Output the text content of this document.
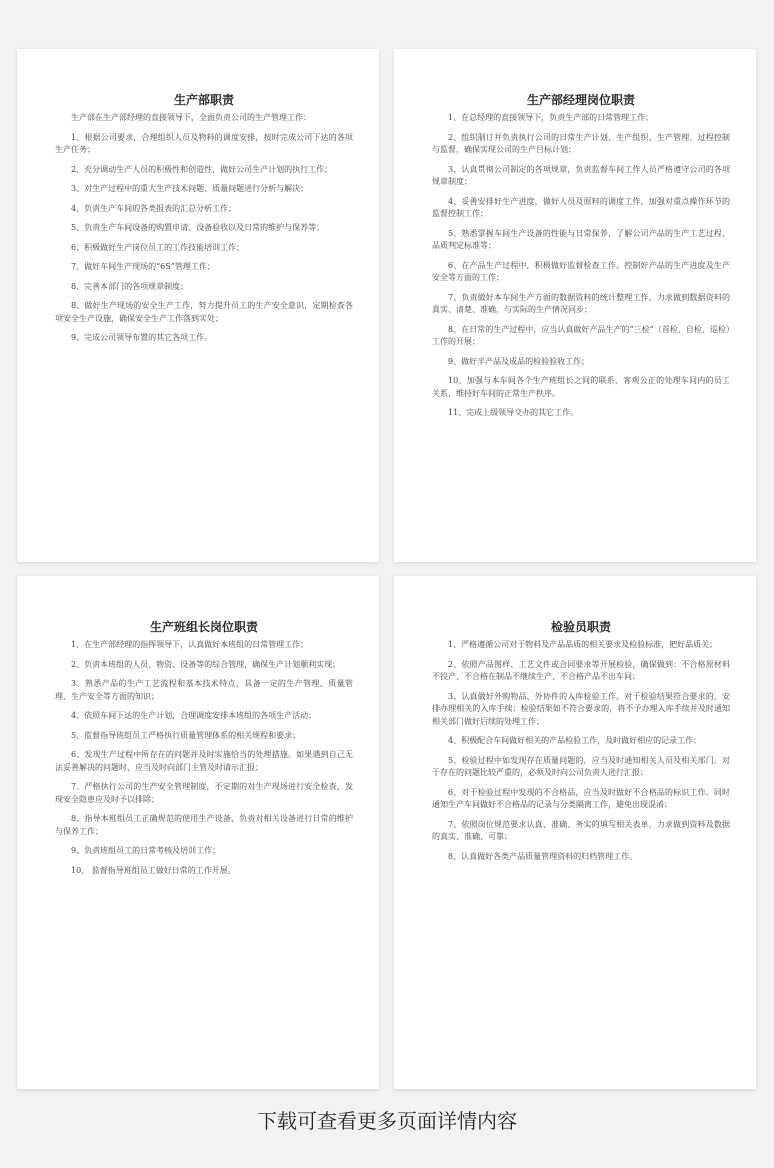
生产部职责

生产部在生产部经理的直接领导下，全面负责公司的生产管理工作：

1、根据公司要求，合理组织人员及物料的调度安排，按时完成公司下达的各项生产任务；

2、充分调动生产人员的积极性和创造性，做好公司生产计划的执行工作；

3、对生产过程中的重大生产技术问题、质量问题进行分析与解决；

4、负责生产车间的各类报表的汇总分析工作；

5、负责生产车间设备的购置申请、设备验收以及日常的维护与保养等；

6、积极做好生产岗位员工的工作技能培训工作；

7、做好车间生产现场的“6S”管理工作；

8、完善本部门的各项规章制度；

8、做好生产现场的安全生产工作，努力提升员工的生产安全意识，定期检查各项安全生产设施，确保安全生产工作落到实处；

9、完成公司领导布置的其它各项工作。

生产部经理岗位职责

1、在总经理的直接领导下，负责生产部的日常管理工作；

2、组织制订并负责执行公司的日常生产计划、生产组织、生产管理、过程控制与监督，确保实现公司的生产目标计划；

3、认真贯彻公司制定的各项规章，负责监督车间工作人员严格遵守公司的各项规章制度；

4、妥善安排好生产进度，做好人员及原料的调度工作，加强对重点操作环节的监督控制工作；

5、熟悉掌握车间生产设备的性能与日常保养，了解公司产品的生产工艺过程、品质判定标准等；

6、在产品生产过程中，积极做好监督检查工作。控制好产品的生产进度及生产安全等方面的工作；

7、负责做好本车间生产方面的数据资料的统计整理工作，力求做到数据资料的真实、清楚、准确，与实际的生产情况同步；

8、在日常的生产过程中，应当认真做好产品生产的“三检”（首检、自检、巡检）工作的开展；

9、做好半产品及成品的检验验收工作；

10、加强与本车间各个生产班组长之间的联系，客观公正的处理车间内的员工关系，维持好车间的正常生产秩序。

11、完成上级领导交办的其它工作。

生产班组长岗位职责

1、在生产部经理的指挥领导下，认真做好本班组的日常管理工作；

2、负责本班组的人员、物资、设备等的综合管理，确保生产计划顺利实现；

3、熟悉产品的生产工艺流程和基本技术特点，具备一定的生产管理、质量管理、生产安全等方面的知识；

4、依照车间下达的生产计划，合理调度安排本班组的各项生产活动；

5、监督指导班组员工严格执行质量管理体系的相关规程和要求；

6、发现生产过程中所存在的问题并及时实施恰当的处理措施。如果遇到自己无法妥善解决的问题时，应当及时向部门主管及时请示汇报；

7、严格执行公司的生产安全管理制度，不定期的对生产现场进行安全检查，发现安全隐患应及时予以排除；

8、指导本班组员工正确规范的使用生产设备，负责对相关设备进行日常的维护与保养工作；

9、负责班组员工的日常考核及培训工作；

10、 监督指导班组员工做好日常的工作开展。

检验员职责

1、严格遵循公司对于物料及产品品质的相关要求及检验标准，把好品质关；

2、依照产品图样、工艺文件或合同要求等开展检验，确保做到：不合格原材料不投产、不合格在制品不继续生产、不合格产品不出车间；

3、认真做好外购物品、外协件的入库检验工作。对于检验结果符合要求的，安排办理相关的入库手续；检验结果如不符合要求的，将不予办理入库手续并及时通知相关部门做好后续的处理工作；

4、积极配合车间做好相关的产品检验工作，及时做好相应的记录工作；

5、检验过程中如发现存在质量问题的，应当及时通知相关人员及相关部门。对于存在的问题比较严重的，必须及时向公司负责人进行汇报；

6、对于检验过程中发现的不合格品，应当及时做好不合格品的标识工作。同时通知生产车间做好不合格品的记录与分类隔离工作，避免出现混淆；

7、依照岗位规范要求认真、准确、务实的填写相关表单，力求做到资料及数据的真实、准确、可靠；

8、认真做好各类产品质量管理资料的归档管理工作。

下载可查看更多页面详情内容
